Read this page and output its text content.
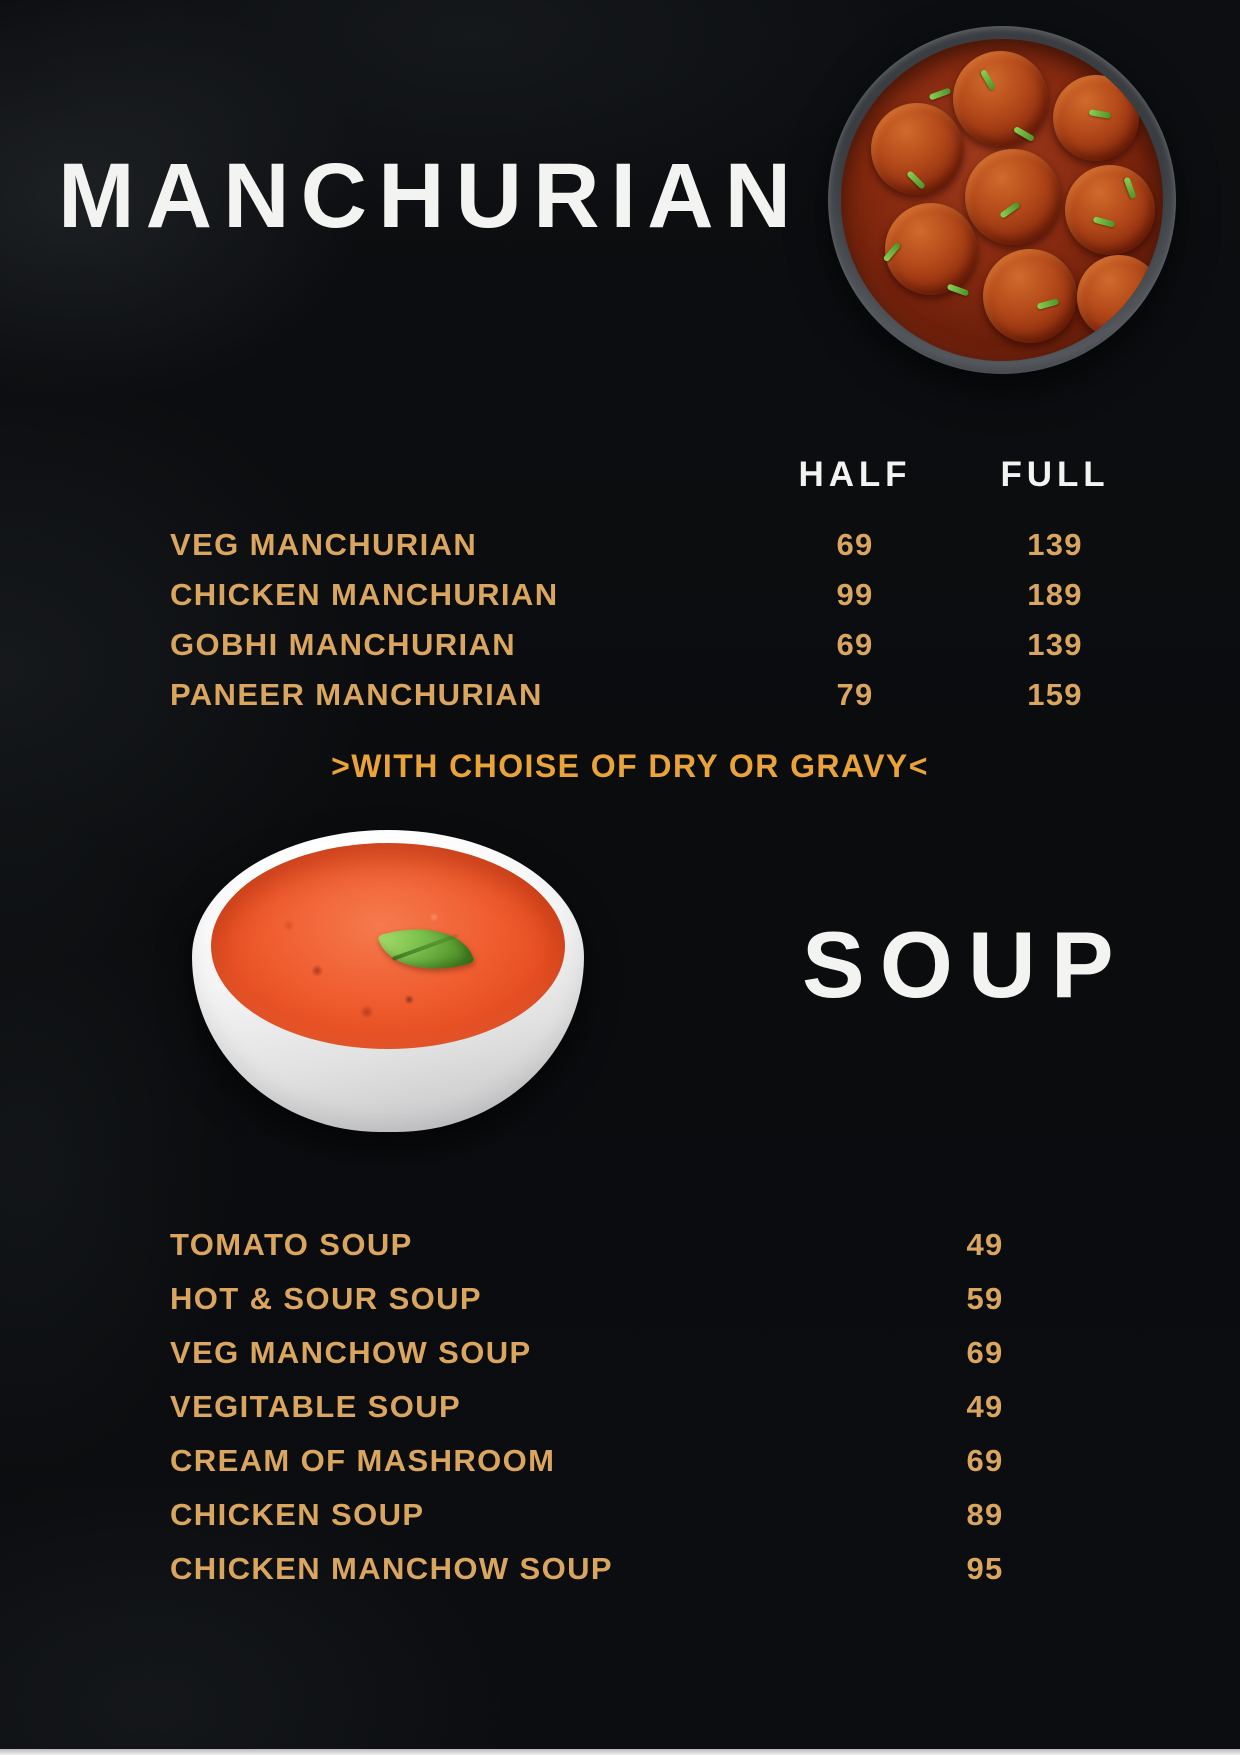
MANCHURIAN
HALF	FULL
VEG MANCHURIAN	69	139
CHICKEN MANCHURIAN	99	189
GOBHI MANCHURIAN	69	139
PANEER MANCHURIAN	79	159
>WITH CHOISE OF DRY OR GRAVY<
SOUP
TOMATO SOUP	49
HOT & SOUR SOUP	59
VEG MANCHOW SOUP	69
VEGITABLE SOUP	49
CREAM OF MASHROOM	69
CHICKEN SOUP	89
CHICKEN MANCHOW SOUP	95
